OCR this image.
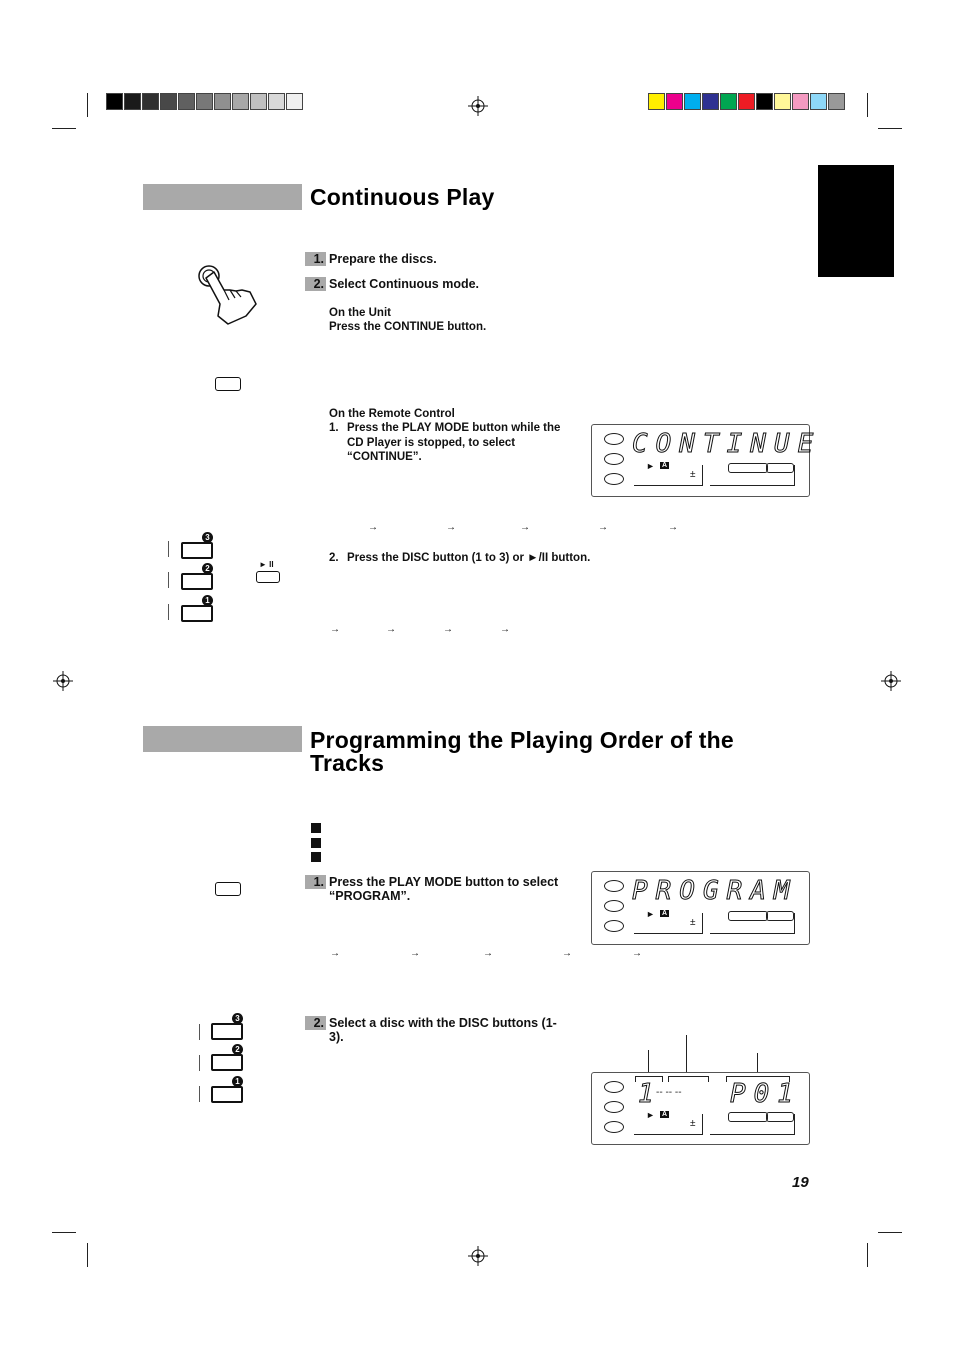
Continuous Play
1. Prepare the discs.
2. Select Continuous mode.
On the Unit
Press the CONTINUE button.
On the Remote Control
1. Press the PLAY MODE button while the CD Player is stopped, to select “CONTINUE”.	CONTINUE
► A
±
→	→	→	→	→
3
2
1
► II
2. Press the DISC button (1 to 3) or ►/II button.
→	→	→	→
Programming the Playing Order of the Tracks
1. Press the PLAY MODE button to select “PROGRAM”.	PROGRAM
► A
±
→	→	→	→	→
3
2
1
2. Select a disc with the DISC buttons (1-3).
1
-- -- -- P01
► A
±
19
